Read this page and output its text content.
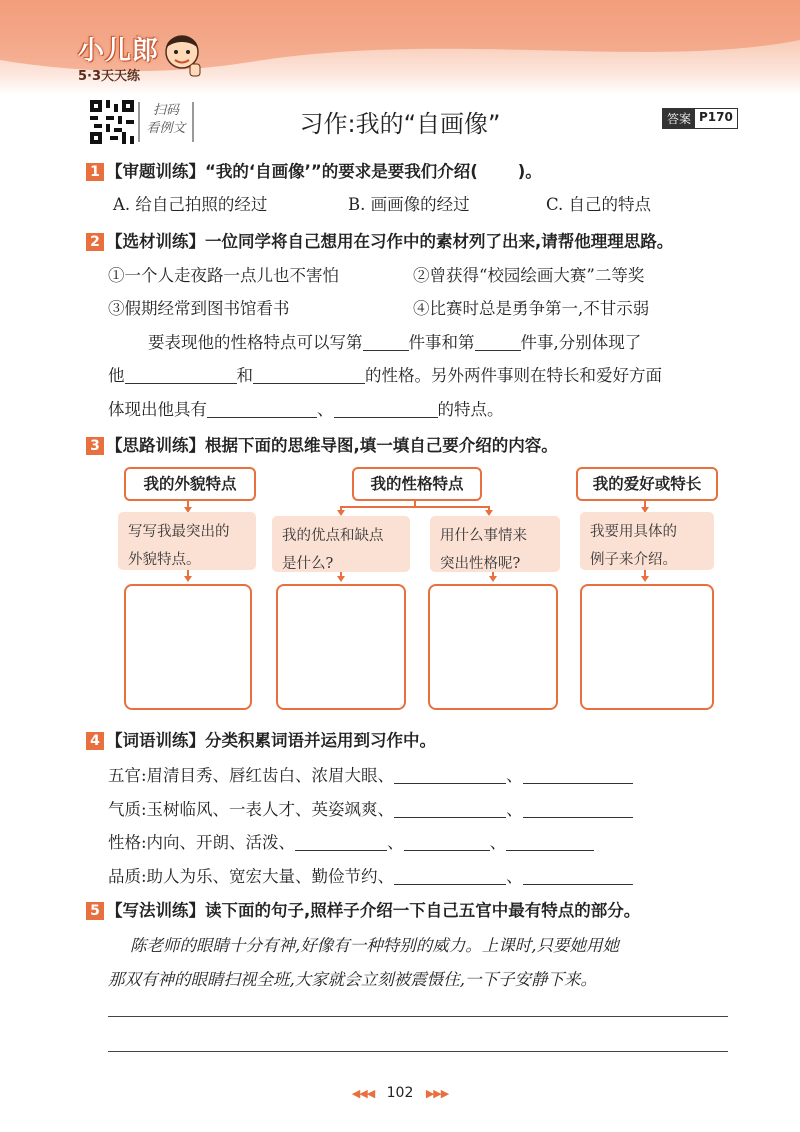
小儿郎
5·3天天练
扫码
看例文	习作:我的“自画像”	答案 P170
1 【审题训练】“我的‘自画像’”的要求是要我们介绍( )。
A. 给自己拍照的经过	B. 画画像的经过	C. 自己的特点
2 【选材训练】一位同学将自己想用在习作中的素材列了出来,请帮他理理思路。
①一个人走夜路一点儿也不害怕	②曾获得“校园绘画大赛”二等奖
③假期经常到图书馆看书	④比赛时总是勇争第一,不甘示弱
要表现他的性格特点可以写第	件事和第	件事,分别体现了
他	和	的性格。另外两件事则在特长和爱好方面
体现出他具有	、	的特点。
3 【思路训练】根据下面的思维导图,填一填自己要介绍的内容。
我的外貌特点	我的性格特点	我的爱好或特长
写写我最突出的
外貌特点。
我的优点和缺点
是什么?
用什么事情来
突出性格呢?
我要用具体的
例子来介绍。
4 【词语训练】分类积累词语并运用到习作中。
五官:眉清目秀、唇红齿白、浓眉大眼、	、
气质:玉树临风、一表人才、英姿飒爽、	、
性格:内向、开朗、活泼、	、	、
品质:助人为乐、宽宏大量、勤俭节约、	、
5 【写法训练】读下面的句子,照样子介绍一下自己五官中最有特点的部分。
陈老师的眼睛十分有神,好像有一种特别的威力。上课时,只要她用她
那双有神的眼睛扫视全班,大家就会立刻被震慑住,一下子安静下来。
◀◀◀ 102 ▶▶▶
